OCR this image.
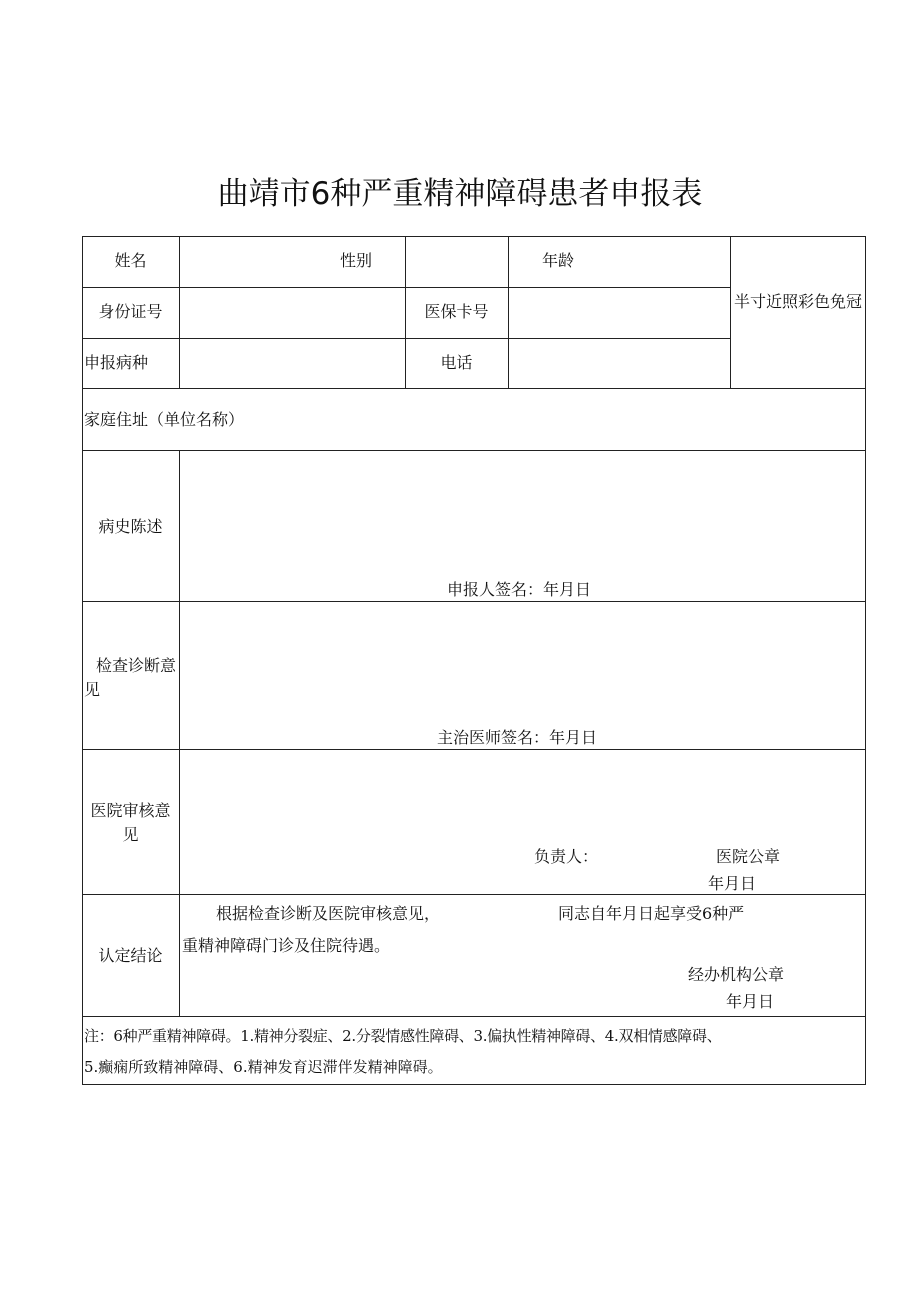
曲靖市6种严重精神障碍患者申报表
姓名	性别	年龄
半寸近照彩色免冠
身份证号	医保卡号
申报病种	电话
家庭住址（单位名称）
病史陈述
申报人签名：年月日
检查诊断意见
主治医师签名：年月日
医院审核意见
负责人：	医院公章
年月日
认定结论
根据检查诊断及医院审核意见，	同志自年月日起享受6种严
重精神障碍门诊及住院待遇。
经办机构公章
年月日
注：6种严重精神障碍。1.精神分裂症、2.分裂情感性障碍、3.偏执性精神障碍、4.双相情感障碍、
5.癫痫所致精神障碍、6.精神发育迟滞伴发精神障碍。
